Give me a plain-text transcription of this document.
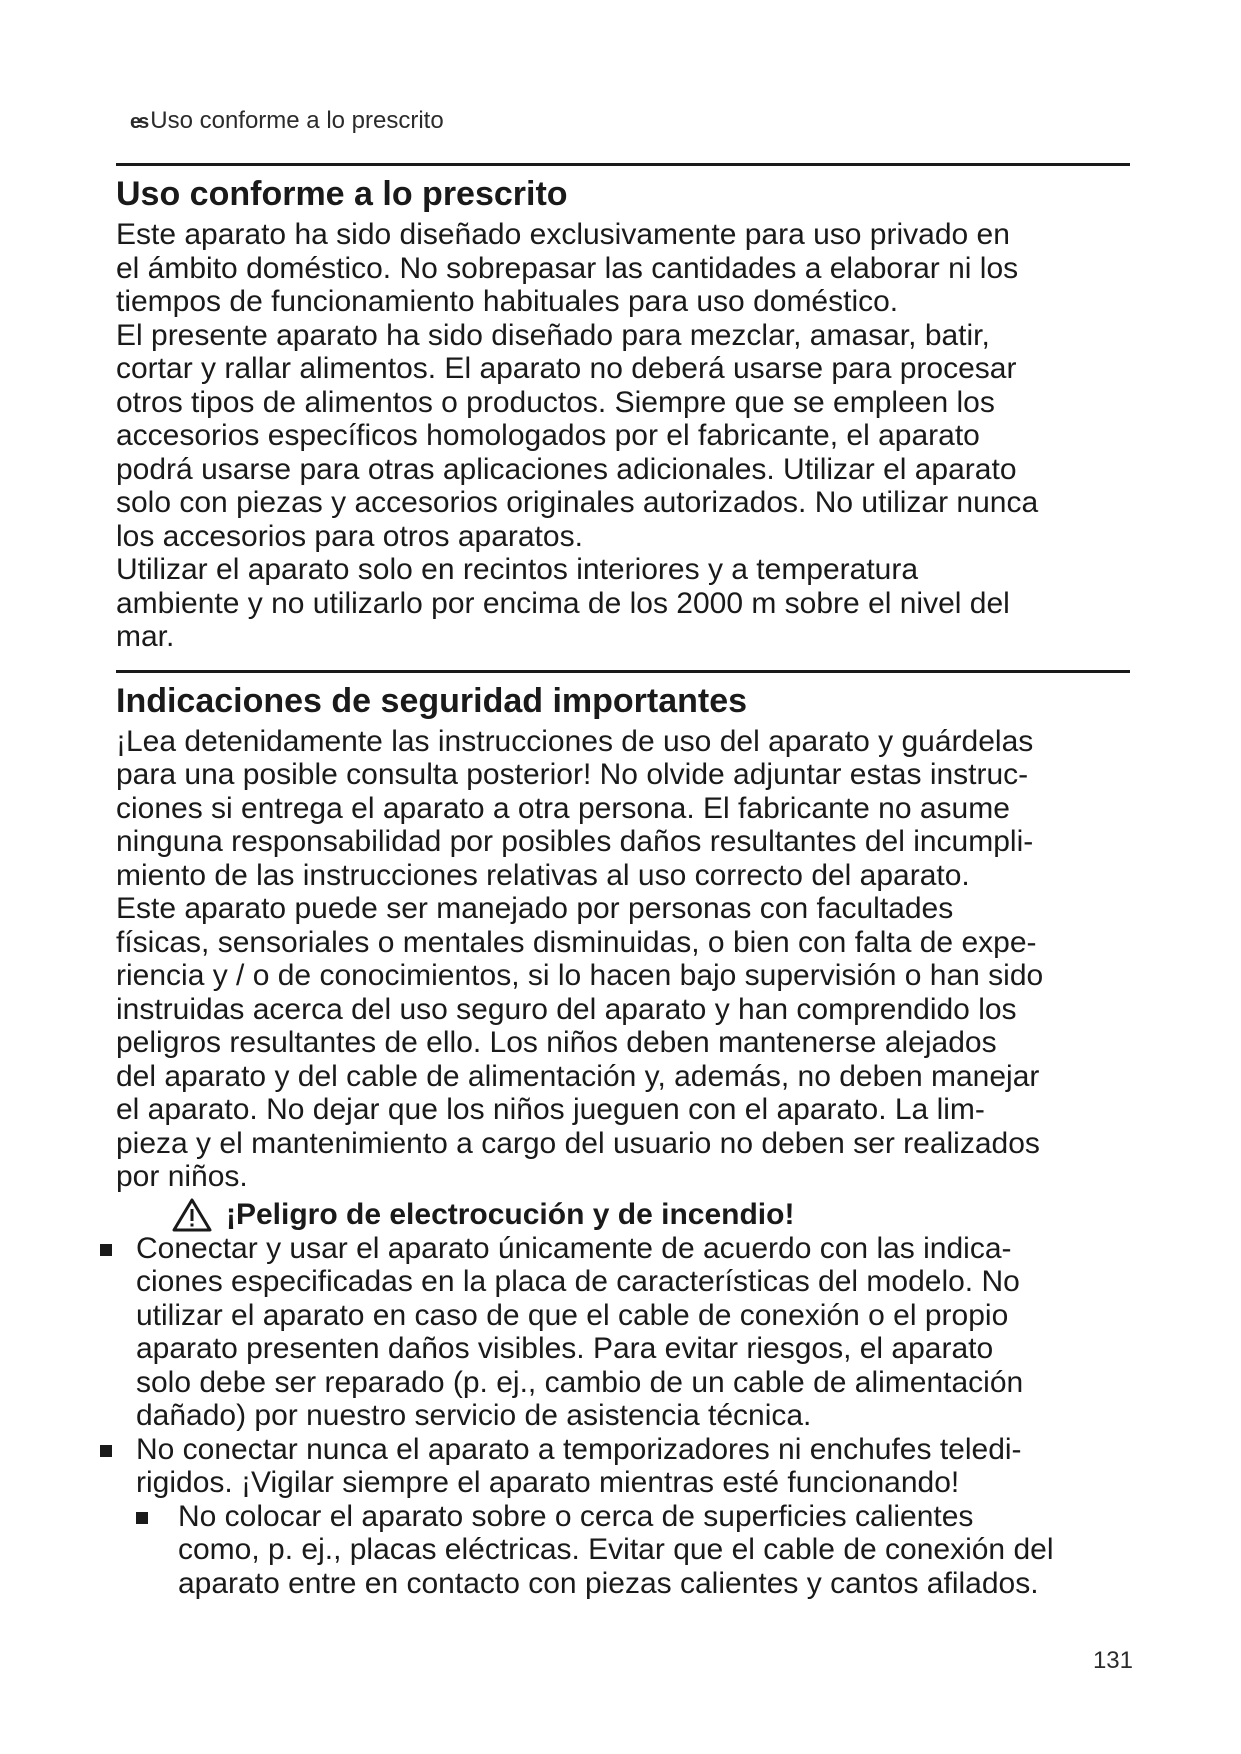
es Uso conforme a lo prescrito
Uso conforme a lo prescrito

Este aparato ha sido diseñado exclusivamente para uso privado en
el ámbito doméstico. No sobrepasar las cantidades a elaborar ni los
tiempos de funcionamiento habituales para uso doméstico.

El presente aparato ha sido diseñado para mezclar, amasar, batir,
cortar y rallar alimentos. El aparato no deberá usarse para procesar
otros tipos de alimentos o productos. Siempre que se empleen los
accesorios específicos homologados por el fabricante, el aparato
podrá usarse para otras aplicaciones adicionales. Utilizar el aparato
solo con piezas y accesorios originales autorizados. No utilizar nunca
los accesorios para otros aparatos.

Utilizar el aparato solo en recintos interiores y a temperatura
ambiente y no utilizarlo por encima de los 2000 m sobre el nivel del
mar.

Indicaciones de seguridad importantes

¡Lea detenidamente las instrucciones de uso del aparato y guárdelas
para una posible consulta posterior! No olvide adjuntar estas instruc-
ciones si entrega el aparato a otra persona. El fabricante no asume
ninguna responsabilidad por posibles daños resultantes del incumpli-
miento de las instrucciones relativas al uso correcto del aparato.

Este aparato puede ser manejado por personas con facultades
físicas, sensoriales o mentales disminuidas, o bien con falta de expe-
riencia y / o de conocimientos, si lo hacen bajo supervisión o han sido
instruidas acerca del uso seguro del aparato y han comprendido los
peligros resultantes de ello. Los niños deben mantenerse alejados
del aparato y del cable de alimentación y, además, no deben manejar
el aparato. No dejar que los niños jueguen con el aparato. La lim-
pieza y el mantenimiento a cargo del usuario no deben ser realizados
por niños.

¡Peligro de electrocución y de incendio!
Conectar y usar el aparato únicamente de acuerdo con las indica-
ciones especificadas en la placa de características del modelo. No
utilizar el aparato en caso de que el cable de conexión o el propio
aparato presenten daños visibles. Para evitar riesgos, el aparato
solo debe ser reparado (p. ej., cambio de un cable de alimentación
dañado) por nuestro servicio de asistencia técnica.
No conectar nunca el aparato a temporizadores ni enchufes teledi-
rigidos. ¡Vigilar siempre el aparato mientras esté funcionando!
No colocar el aparato sobre o cerca de superficies calientes
como, p. ej., placas eléctricas. Evitar que el cable de conexión del
aparato entre en contacto con piezas calientes y cantos afilados.
131
